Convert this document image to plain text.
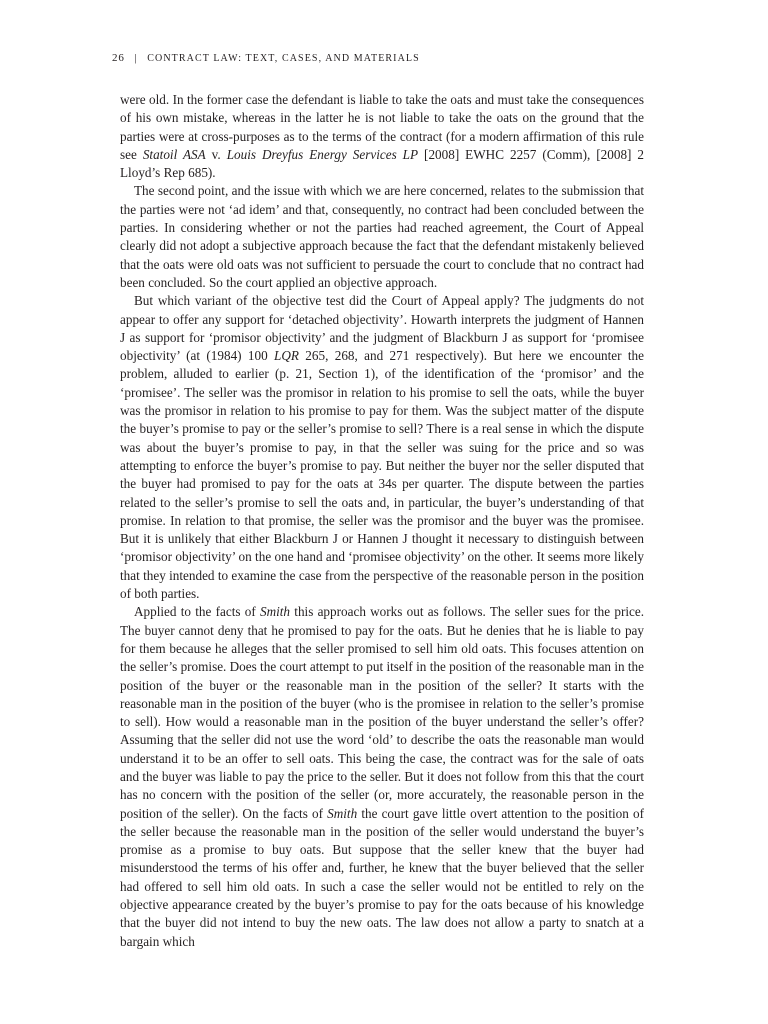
26 | CONTRACT LAW: TEXT, CASES, AND MATERIALS

were old. In the former case the defendant is liable to take the oats and must take the consequences of his own mistake, whereas in the latter he is not liable to take the oats on the ground that the parties were at cross-purposes as to the terms of the contract (for a modern affirmation of this rule see Statoil ASA v. Louis Dreyfus Energy Services LP [2008] EWHC 2257 (Comm), [2008] 2 Lloyd’s Rep 685).

The second point, and the issue with which we are here concerned, relates to the submission that the parties were not ‘ad idem’ and that, consequently, no contract had been concluded between the parties. In considering whether or not the parties had reached agreement, the Court of Appeal clearly did not adopt a subjective approach because the fact that the defendant mistakenly believed that the oats were old oats was not sufficient to persuade the court to conclude that no contract had been concluded. So the court applied an objective approach.

But which variant of the objective test did the Court of Appeal apply? The judgments do not appear to offer any support for ‘detached objectivity’. Howarth interprets the judgment of Hannen J as support for ‘promisor objectivity’ and the judgment of Blackburn J as support for ‘promisee objectivity’ (at (1984) 100 LQR 265, 268, and 271 respectively). But here we encounter the problem, alluded to earlier (p. 21, Section 1), of the identification of the ‘promisor’ and the ‘promisee’. The seller was the promisor in relation to his promise to sell the oats, while the buyer was the promisor in relation to his promise to pay for them. Was the subject matter of the dispute the buyer’s promise to pay or the seller’s promise to sell? There is a real sense in which the dispute was about the buyer’s promise to pay, in that the seller was suing for the price and so was attempting to enforce the buyer’s promise to pay. But neither the buyer nor the seller disputed that the buyer had promised to pay for the oats at 34s per quarter. The dispute between the parties related to the seller’s promise to sell the oats and, in particular, the buyer’s understanding of that promise. In relation to that promise, the seller was the promisor and the buyer was the promisee. But it is unlikely that either Blackburn J or Hannen J thought it necessary to distinguish between ‘promisor objectivity’ on the one hand and ‘promisee objectivity’ on the other. It seems more likely that they intended to examine the case from the perspective of the reasonable person in the position of both parties.

Applied to the facts of Smith this approach works out as follows. The seller sues for the price. The buyer cannot deny that he promised to pay for the oats. But he denies that he is liable to pay for them because he alleges that the seller promised to sell him old oats. This focuses attention on the seller’s promise. Does the court attempt to put itself in the position of the reasonable man in the position of the buyer or the reasonable man in the position of the seller? It starts with the reasonable man in the position of the buyer (who is the promisee in relation to the seller’s promise to sell). How would a reasonable man in the position of the buyer understand the seller’s offer? Assuming that the seller did not use the word ‘old’ to describe the oats the reasonable man would understand it to be an offer to sell oats. This being the case, the contract was for the sale of oats and the buyer was liable to pay the price to the seller. But it does not follow from this that the court has no concern with the position of the seller (or, more accurately, the reasonable person in the position of the seller). On the facts of Smith the court gave little overt attention to the position of the seller because the reasonable man in the position of the seller would understand the buyer’s promise as a promise to buy oats. But suppose that the seller knew that the buyer had misunderstood the terms of his offer and, further, he knew that the buyer believed that the seller had offered to sell him old oats. In such a case the seller would not be entitled to rely on the objective appearance created by the buyer’s promise to pay for the oats because of his knowledge that the buyer did not intend to buy the new oats. The law does not allow a party to snatch at a bargain which
